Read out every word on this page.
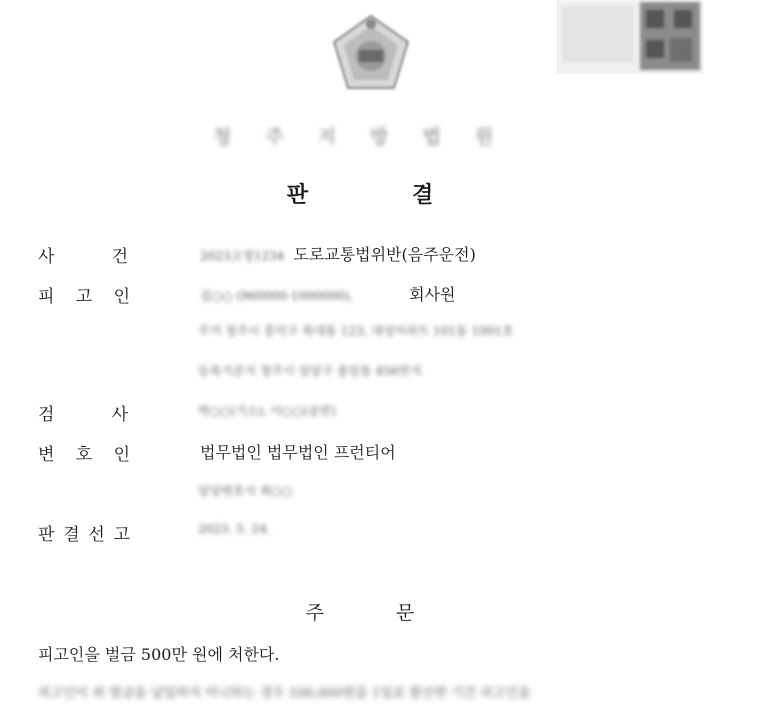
청 주 지 방 법 원
판	결
사	건	2023고정1234 도로교통법위반(음주운전)
피 고 인	김○○ (960000-1000000),	회사원
주거 청주시 흥덕구 복대동 123, 대성아파트 101동 1001호
등록기준지 청주시 상당구 용암동 456번지
검	사	박○○(기소), 이○○(공판)
변 호 인	법무법인 법무법인 프런티어
담당변호사 최○○
판 결 선 고	2023. 5. 24.
주	문
피고인을 벌금 500만 원에 처한다.
피고인이 위 벌금을 납입하지 아니하는 경우 100,000원을 1일로 환산한 기간 피고인을
